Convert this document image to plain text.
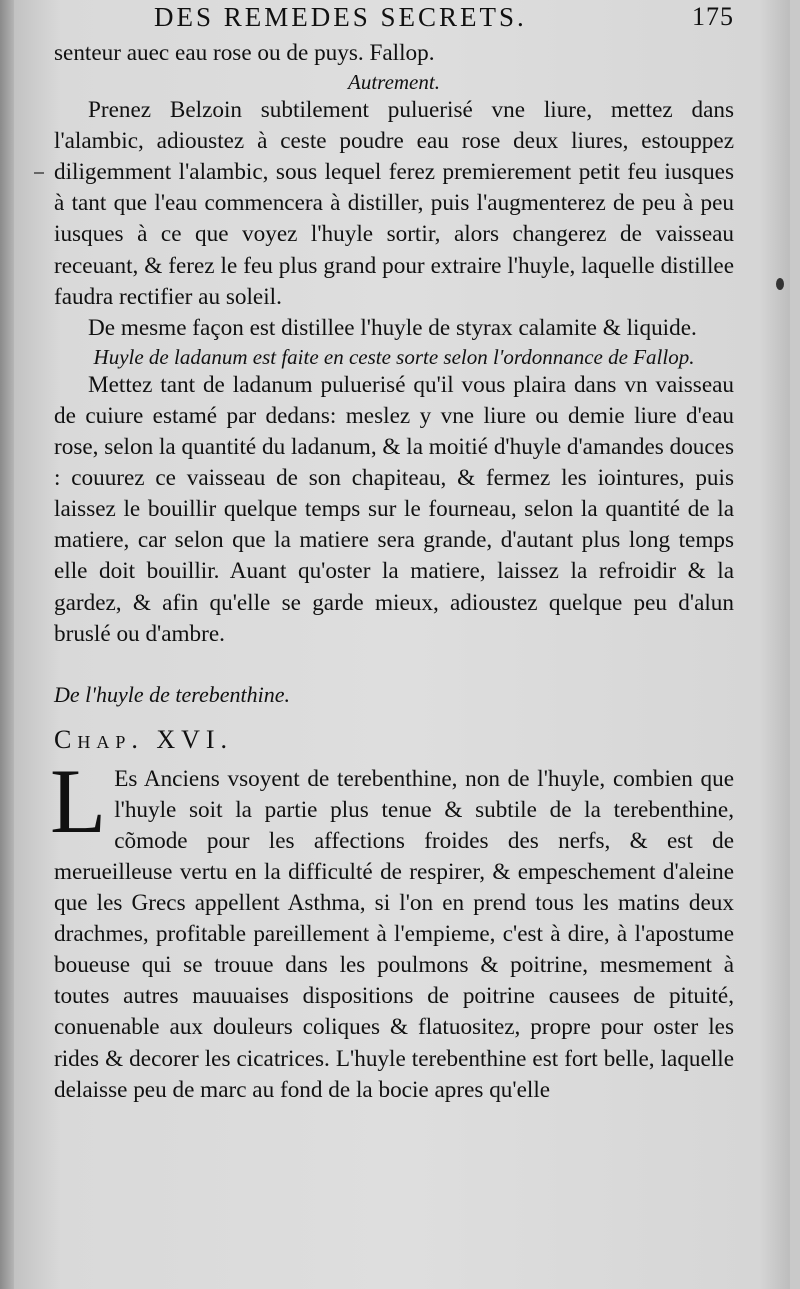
DES REMEDES SECRETS.	175

senteur auec eau rose ou de puys. Fallop.

Autrement.

Prenez Belzoin subtilement puluerisé vne liure, mettez dans l'alambic, adioustez à ceste poudre eau rose deux liures, estouppez diligemment l'alambic, sous lequel ferez premierement petit feu iusques à tant que l'eau commencera à distiller, puis l'augmenterez de peu à peu iusques à ce que voyez l'huyle sortir, alors changerez de vaisseau receuant, & ferez le feu plus grand pour extraire l'huyle, laquelle distillee faudra rectifier au soleil.

De mesme façon est distillee l'huyle de styrax calamite & liquide.

Huyle de ladanum est faite en ceste sorte selon l'ordonnance de Fallop.

Mettez tant de ladanum puluerisé qu'il vous plaira dans vn vaisseau de cuiure estamé par dedans: meslez y vne liure ou demie liure d'eau rose, selon la quantité du ladanum, & la moitié d'huyle d'amandes douces : couurez ce vaisseau de son chapiteau, & fermez les iointures, puis laissez le bouillir quelque temps sur le fourneau, selon la quantité de la matiere, car selon que la matiere sera grande, d'autant plus long temps elle doit bouillir. Auant qu'oster la matiere, laissez la refroidir & la gardez, & afin qu'elle se garde mieux, adioustez quelque peu d'alun bruslé ou d'ambre.

De l'huyle de terebenthine.

Chap. XVI.

L Es Anciens vsoyent de terebenthine, non de l'huyle, combien que l'huyle soit la partie plus tenue & subtile de la terebenthine, cõmode pour les affections froides des nerfs, & est de merueilleuse vertu en la difficulté de respirer, & empeschement d'aleine que les Grecs appellent Asthma, si l'on en prend tous les matins deux drachmes, profitable pareillement à l'empieme, c'est à dire, à l'apostume boueuse qui se trouue dans les poulmons & poitrine, mesmement à toutes autres mauuaises dispositions de poitrine causees de pituité, conuenable aux douleurs coliques & flatuositez, propre pour oster les rides & decorer les cicatrices. L'huyle terebenthine est fort belle, laquelle delaisse peu de marc au fond de la bocie apres qu'elle
